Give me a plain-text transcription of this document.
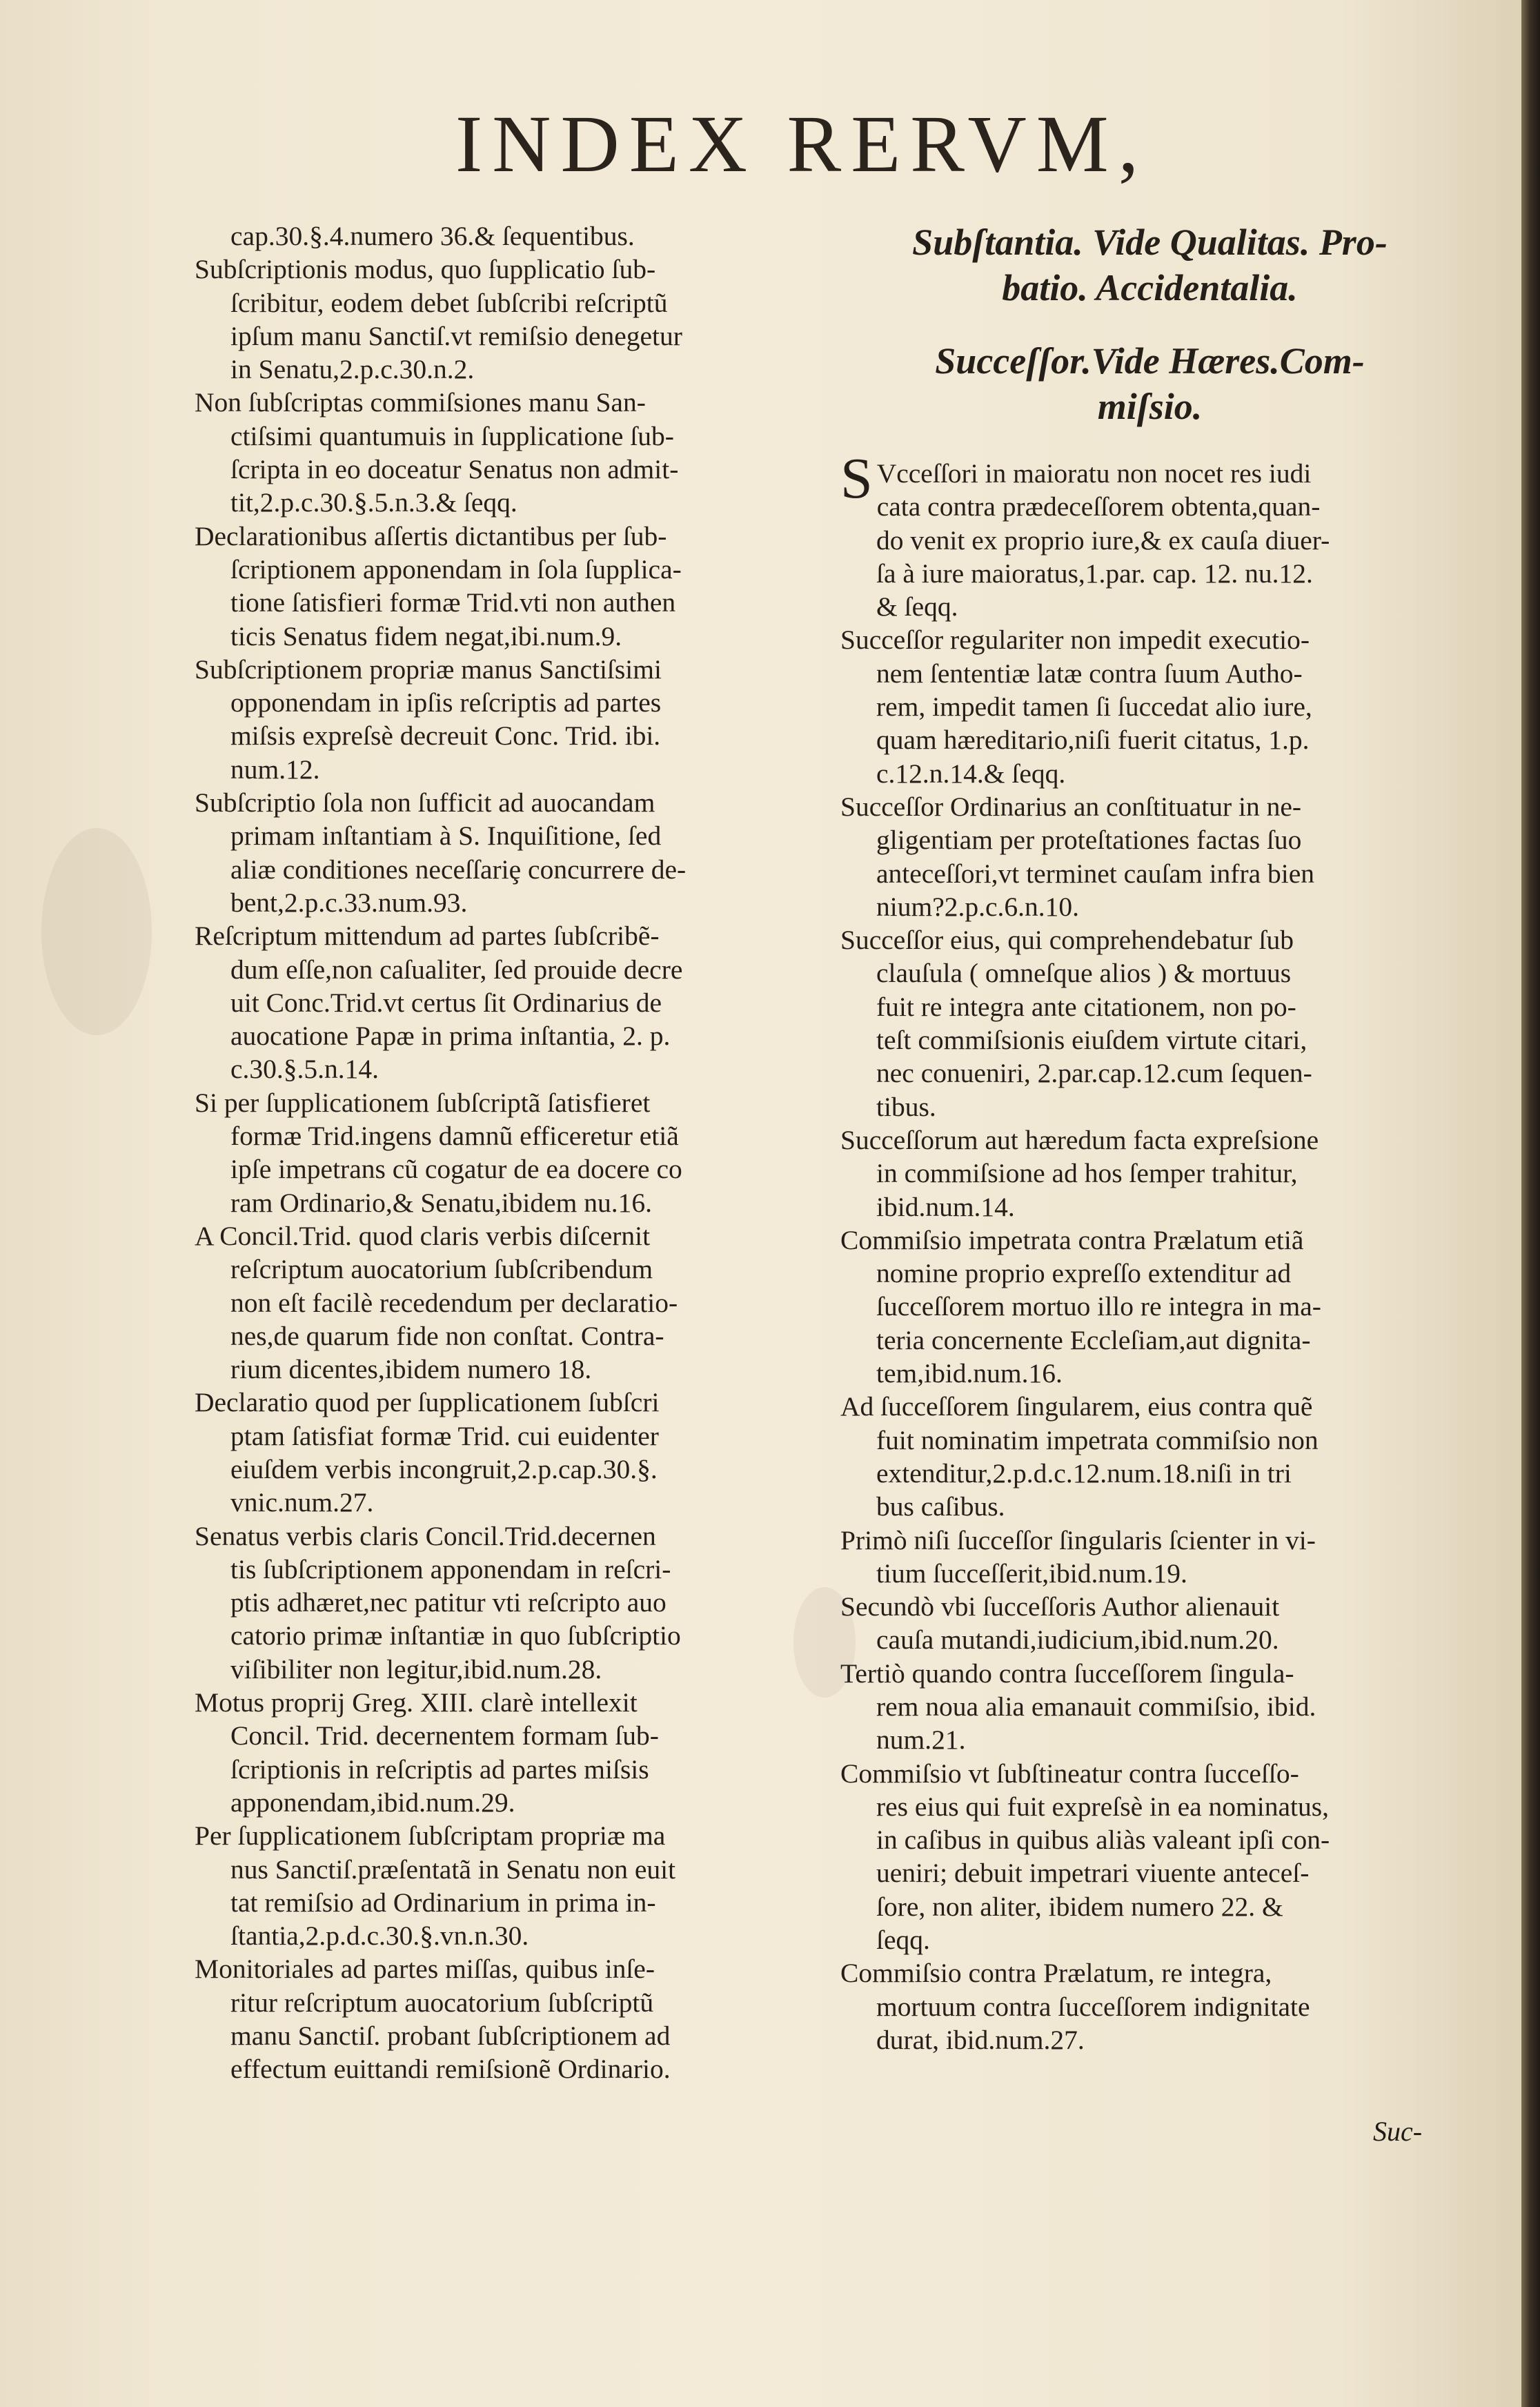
INDEX RERVM,
cap.30.§.4.numero 36.& ſequentibus.
Subſcriptionis modus, quo ſupplicatio ſub-
ſcribitur, eodem debet ſubſcribi reſcriptũ
ipſum manu Sanctiſ.vt remiſsio denegetur
in Senatu,2.p.c.30.n.2.
Non ſubſcriptas commiſsiones manu San-
ctiſsimi quantumuis in ſupplicatione ſub-
ſcripta in eo doceatur Senatus non admit-
tit,2.p.c.30.§.5.n.3.& ſeqq.
Declarationibus aſſertis dictantibus per ſub-
ſcriptionem apponendam in ſola ſupplica-
tione ſatisfieri formæ Trid.vti non authen
ticis Senatus fidem negat,ibi.num.9.
Subſcriptionem propriæ manus Sanctiſsimi
opponendam in ipſis reſcriptis ad partes
miſsis expreſsè decreuit Conc. Trid. ibi.
num.12.
Subſcriptio ſola non ſufficit ad auocandam
primam inſtantiam à S. Inquiſitione, ſed
aliæ conditiones neceſſariȩ concurrere de-
bent,2.p.c.33.num.93.
Reſcriptum mittendum ad partes ſubſcribẽ-
dum eſſe,non caſualiter, ſed prouide decre
uit Conc.Trid.vt certus ſit Ordinarius de
auocatione Papæ in prima inſtantia, 2. p.
c.30.§.5.n.14.
Si per ſupplicationem ſubſcriptã ſatisfieret
formæ Trid.ingens damnũ efficeretur etiã
ipſe impetrans cũ cogatur de ea docere co
ram Ordinario,& Senatu,ibidem nu.16.
A Concil.Trid. quod claris verbis diſcernit
reſcriptum auocatorium ſubſcribendum
non eſt facilè recedendum per declaratio-
nes,de quarum fide non conſtat. Contra-
rium dicentes,ibidem numero 18.
Declaratio quod per ſupplicationem ſubſcri
ptam ſatisfiat formæ Trid. cui euidenter
eiuſdem verbis incongruit,2.p.cap.30.§.
vnic.num.27.
Senatus verbis claris Concil.Trid.decernen
tis ſubſcriptionem apponendam in reſcri-
ptis adhæret,nec patitur vti reſcripto auo
catorio primæ inſtantiæ in quo ſubſcriptio
viſibiliter non legitur,ibid.num.28.
Motus proprij Greg. XIII. clarè intellexit
Concil. Trid. decernentem formam ſub-
ſcriptionis in reſcriptis ad partes miſsis
apponendam,ibid.num.29.
Per ſupplicationem ſubſcriptam propriæ ma
nus Sanctiſ.præſentatã in Senatu non euit
tat remiſsio ad Ordinarium in prima in-
ſtantia,2.p.d.c.30.§.vn.n.30.
Monitoriales ad partes miſſas, quibus inſe-
ritur reſcriptum auocatorium ſubſcriptũ
manu Sanctiſ. probant ſubſcriptionem ad
effectum euittandi remiſsionẽ Ordinario.
Subſtantia. Vide Qualitas. Pro-
batio. Accidentalia.
Succeſſor.Vide Hæres.Com-
miſsio.
S Vcceſſori in maioratu non nocet res iudi
cata contra prædeceſſorem obtenta,quan-
do venit ex proprio iure,& ex cauſa diuer-
ſa à iure maioratus,1.par. cap. 12. nu.12.
& ſeqq.
Succeſſor regulariter non impedit executio-
nem ſententiæ latæ contra ſuum Autho-
rem, impedit tamen ſi ſuccedat alio iure,
quam hæreditario,niſi fuerit citatus, 1.p.
c.12.n.14.& ſeqq.
Succeſſor Ordinarius an conſtituatur in ne-
gligentiam per proteſtationes factas ſuo
anteceſſori,vt terminet cauſam infra bien
nium?2.p.c.6.n.10.
Succeſſor eius, qui comprehendebatur ſub
clauſula ( omneſque alios ) & mortuus
fuit re integra ante citationem, non po-
teſt commiſsionis eiuſdem virtute citari,
nec conueniri, 2.par.cap.12.cum ſequen-
tibus.
Succeſſorum aut hæredum facta expreſsione
in commiſsione ad hos ſemper trahitur,
ibid.num.14.
Commiſsio impetrata contra Prælatum etiã
nomine proprio expreſſo extenditur ad
ſucceſſorem mortuo illo re integra in ma-
teria concernente Eccleſiam,aut dignita-
tem,ibid.num.16.
Ad ſucceſſorem ſingularem, eius contra quẽ
fuit nominatim impetrata commiſsio non
extenditur,2.p.d.c.12.num.18.niſi in tri
bus caſibus.
Primò niſi ſucceſſor ſingularis ſcienter in vi-
tium ſucceſſerit,ibid.num.19.
Secundò vbi ſucceſſoris Author alienauit
cauſa mutandi,iudicium,ibid.num.20.
Tertiò quando contra ſucceſſorem ſingula-
rem noua alia emanauit commiſsio, ibid.
num.21.
Commiſsio vt ſubſtineatur contra ſucceſſo-
res eius qui fuit expreſsè in ea nominatus,
in caſibus in quibus aliàs valeant ipſi con-
ueniri; debuit impetrari viuente anteceſ-
ſore, non aliter, ibidem numero 22. &
ſeqq.
Commiſsio contra Prælatum, re integra,
mortuum contra ſucceſſorem indignitate
durat, ibid.num.27.
Suc-
